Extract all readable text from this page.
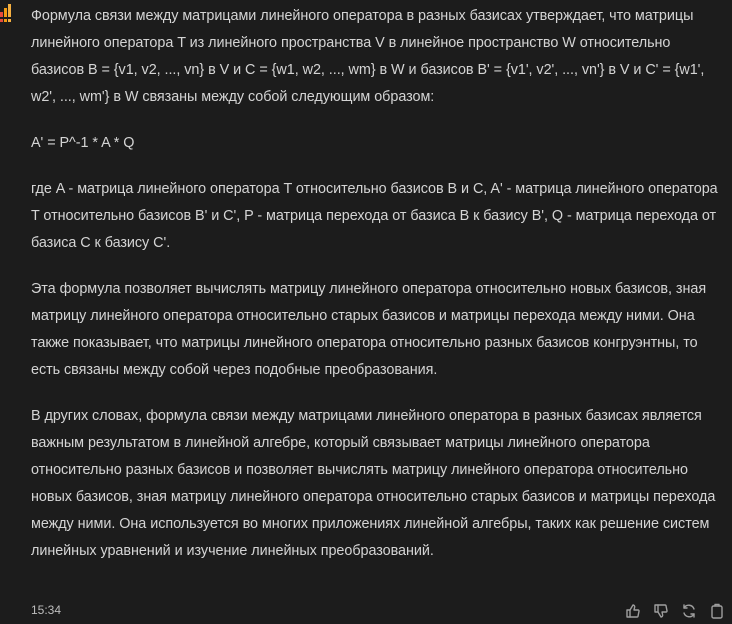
Формула связи между матрицами линейного оператора в разных базисах утверждает, что матрицы линейного оператора T из линейного пространства V в линейное пространство W относительно базисов B = {v1, v2, ..., vn} в V и C = {w1, w2, ..., wm} в W и базисов B' = {v1', v2', ..., vn'} в V и C' = {w1', w2', ..., wm'} в W связаны между собой следующим образом:

A' = P^-1 * A * Q

где A - матрица линейного оператора T относительно базисов B и C, A' - матрица линейного оператора T относительно базисов B' и C', P - матрица перехода от базиса B к базису B', Q - матрица перехода от базиса C к базису C'.

Эта формула позволяет вычислять матрицу линейного оператора относительно новых базисов, зная матрицу линейного оператора относительно старых базисов и матрицы перехода между ними. Она также показывает, что матрицы линейного оператора относительно разных базисов конгруэнтны, то есть связаны между собой через подобные преобразования.

В других словах, формула связи между матрицами линейного оператора в разных базисах является важным результатом в линейной алгебре, который связывает матрицы линейного оператора относительно разных базисов и позволяет вычислять матрицу линейного оператора относительно новых базисов, зная матрицу линейного оператора относительно старых базисов и матрицы перехода между ними. Она используется во многих приложениях линейной алгебры, таких как решение систем линейных уравнений и изучение линейных преобразований.

15:34
